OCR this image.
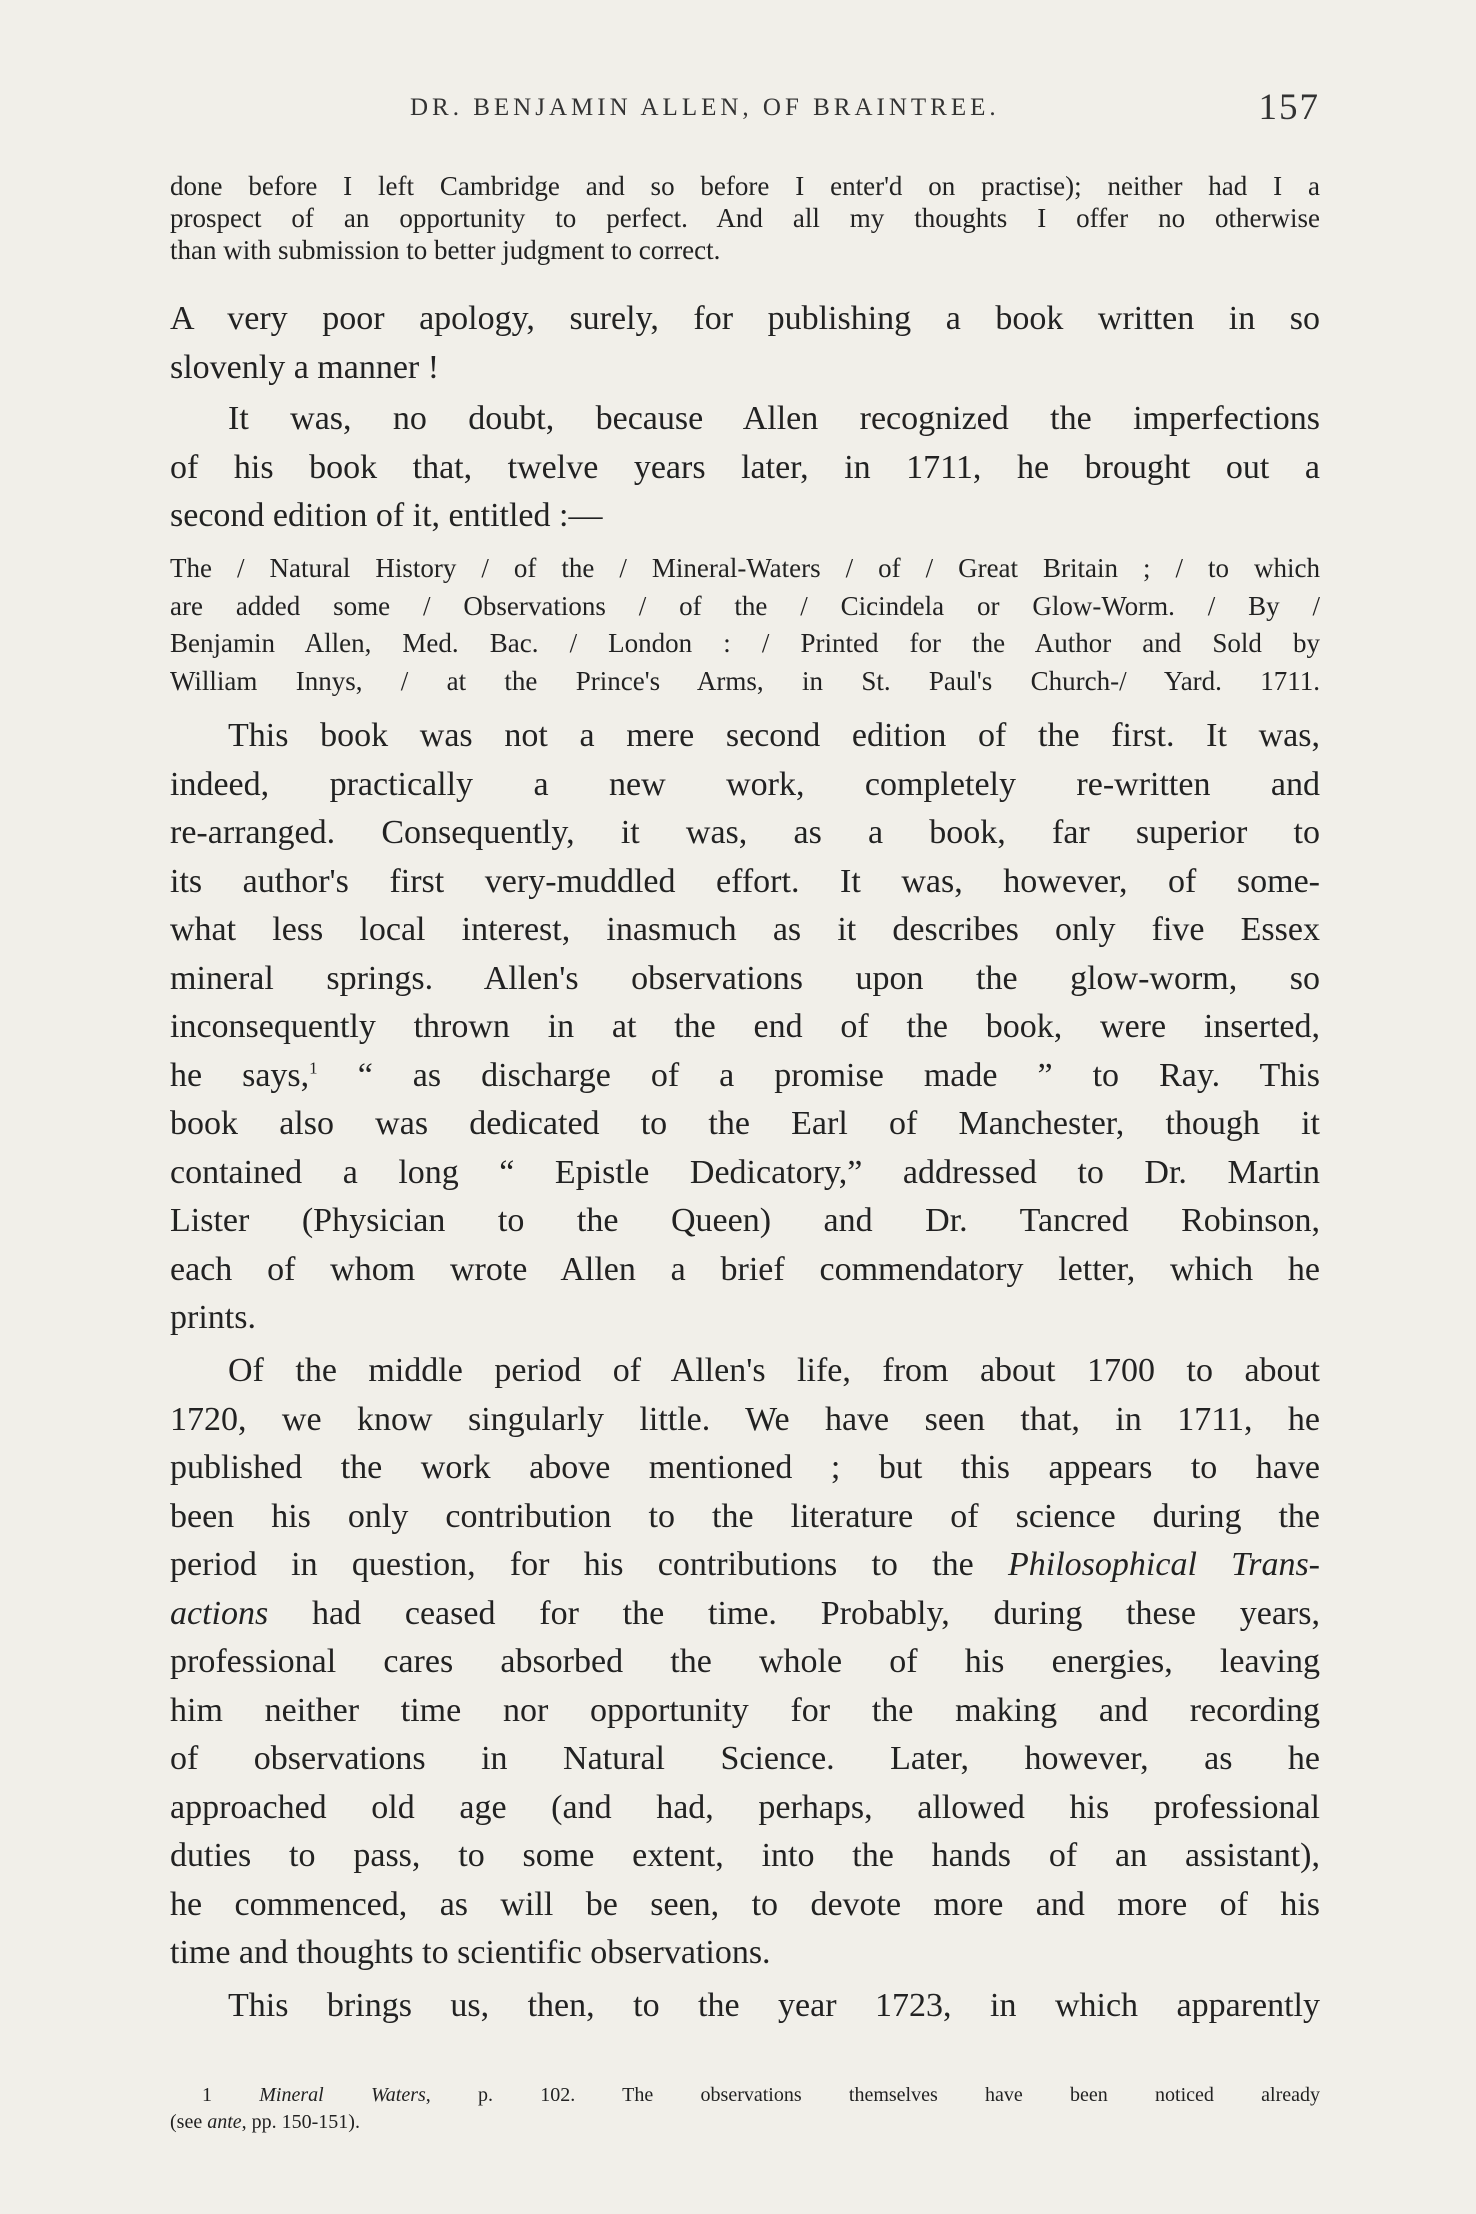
DR. BENJAMIN ALLEN, OF BRAINTREE.	157
done before I left Cambridge and so before I enter'd on practise); neither had I a
prospect of an opportunity to perfect. And all my thoughts I offer no otherwise
than with submission to better judgment to correct.
A very poor apology, surely, for publishing a book written in so
slovenly a manner !
It was, no doubt, because Allen recognized the imperfections
of his book that, twelve years later, in 1711, he brought out a
second edition of it, entitled :—
The / Natural History / of the / Mineral-Waters / of / Great Britain ; / to which
are added some / Observations / of the / Cicindela or Glow-Worm. / By /
Benjamin Allen, Med. Bac. / London : / Printed for the Author and Sold by
William Innys, / at the Prince's Arms, in St. Paul's Church-/ Yard. 1711.
This book was not a mere second edition of the first. It was,
indeed, practically a new work, completely re-written and
re-arranged. Consequently, it was, as a book, far superior to
its author's first very-muddled effort. It was, however, of some-
what less local interest, inasmuch as it describes only five Essex
mineral springs. Allen's observations upon the glow-worm, so
inconsequently thrown in at the end of the book, were inserted,
he says,$^1$ “ as discharge of a promise made ” to Ray. This
book also was dedicated to the Earl of Manchester, though it
contained a long “ Epistle Dedicatory,” addressed to Dr. Martin
Lister (Physician to the Queen) and Dr. Tancred Robinson,
each of whom wrote Allen a brief commendatory letter, which he
prints.
Of the middle period of Allen's life, from about 1700 to about
1720, we know singularly little. We have seen that, in 1711, he
published the work above mentioned ; but this appears to have
been his only contribution to the literature of science during the
period in question, for his contributions to the Philosophical Trans-
actions had ceased for the time. Probably, during these years,
professional cares absorbed the whole of his energies, leaving
him neither time nor opportunity for the making and recording
of observations in Natural Science. Later, however, as he
approached old age (and had, perhaps, allowed his professional
duties to pass, to some extent, into the hands of an assistant),
he commenced, as will be seen, to devote more and more of his
time and thoughts to scientific observations.
This brings us, then, to the year 1723, in which apparently
1 Mineral Waters, p. 102. The observations themselves have been noticed already
(see ante, pp. 150-151).
